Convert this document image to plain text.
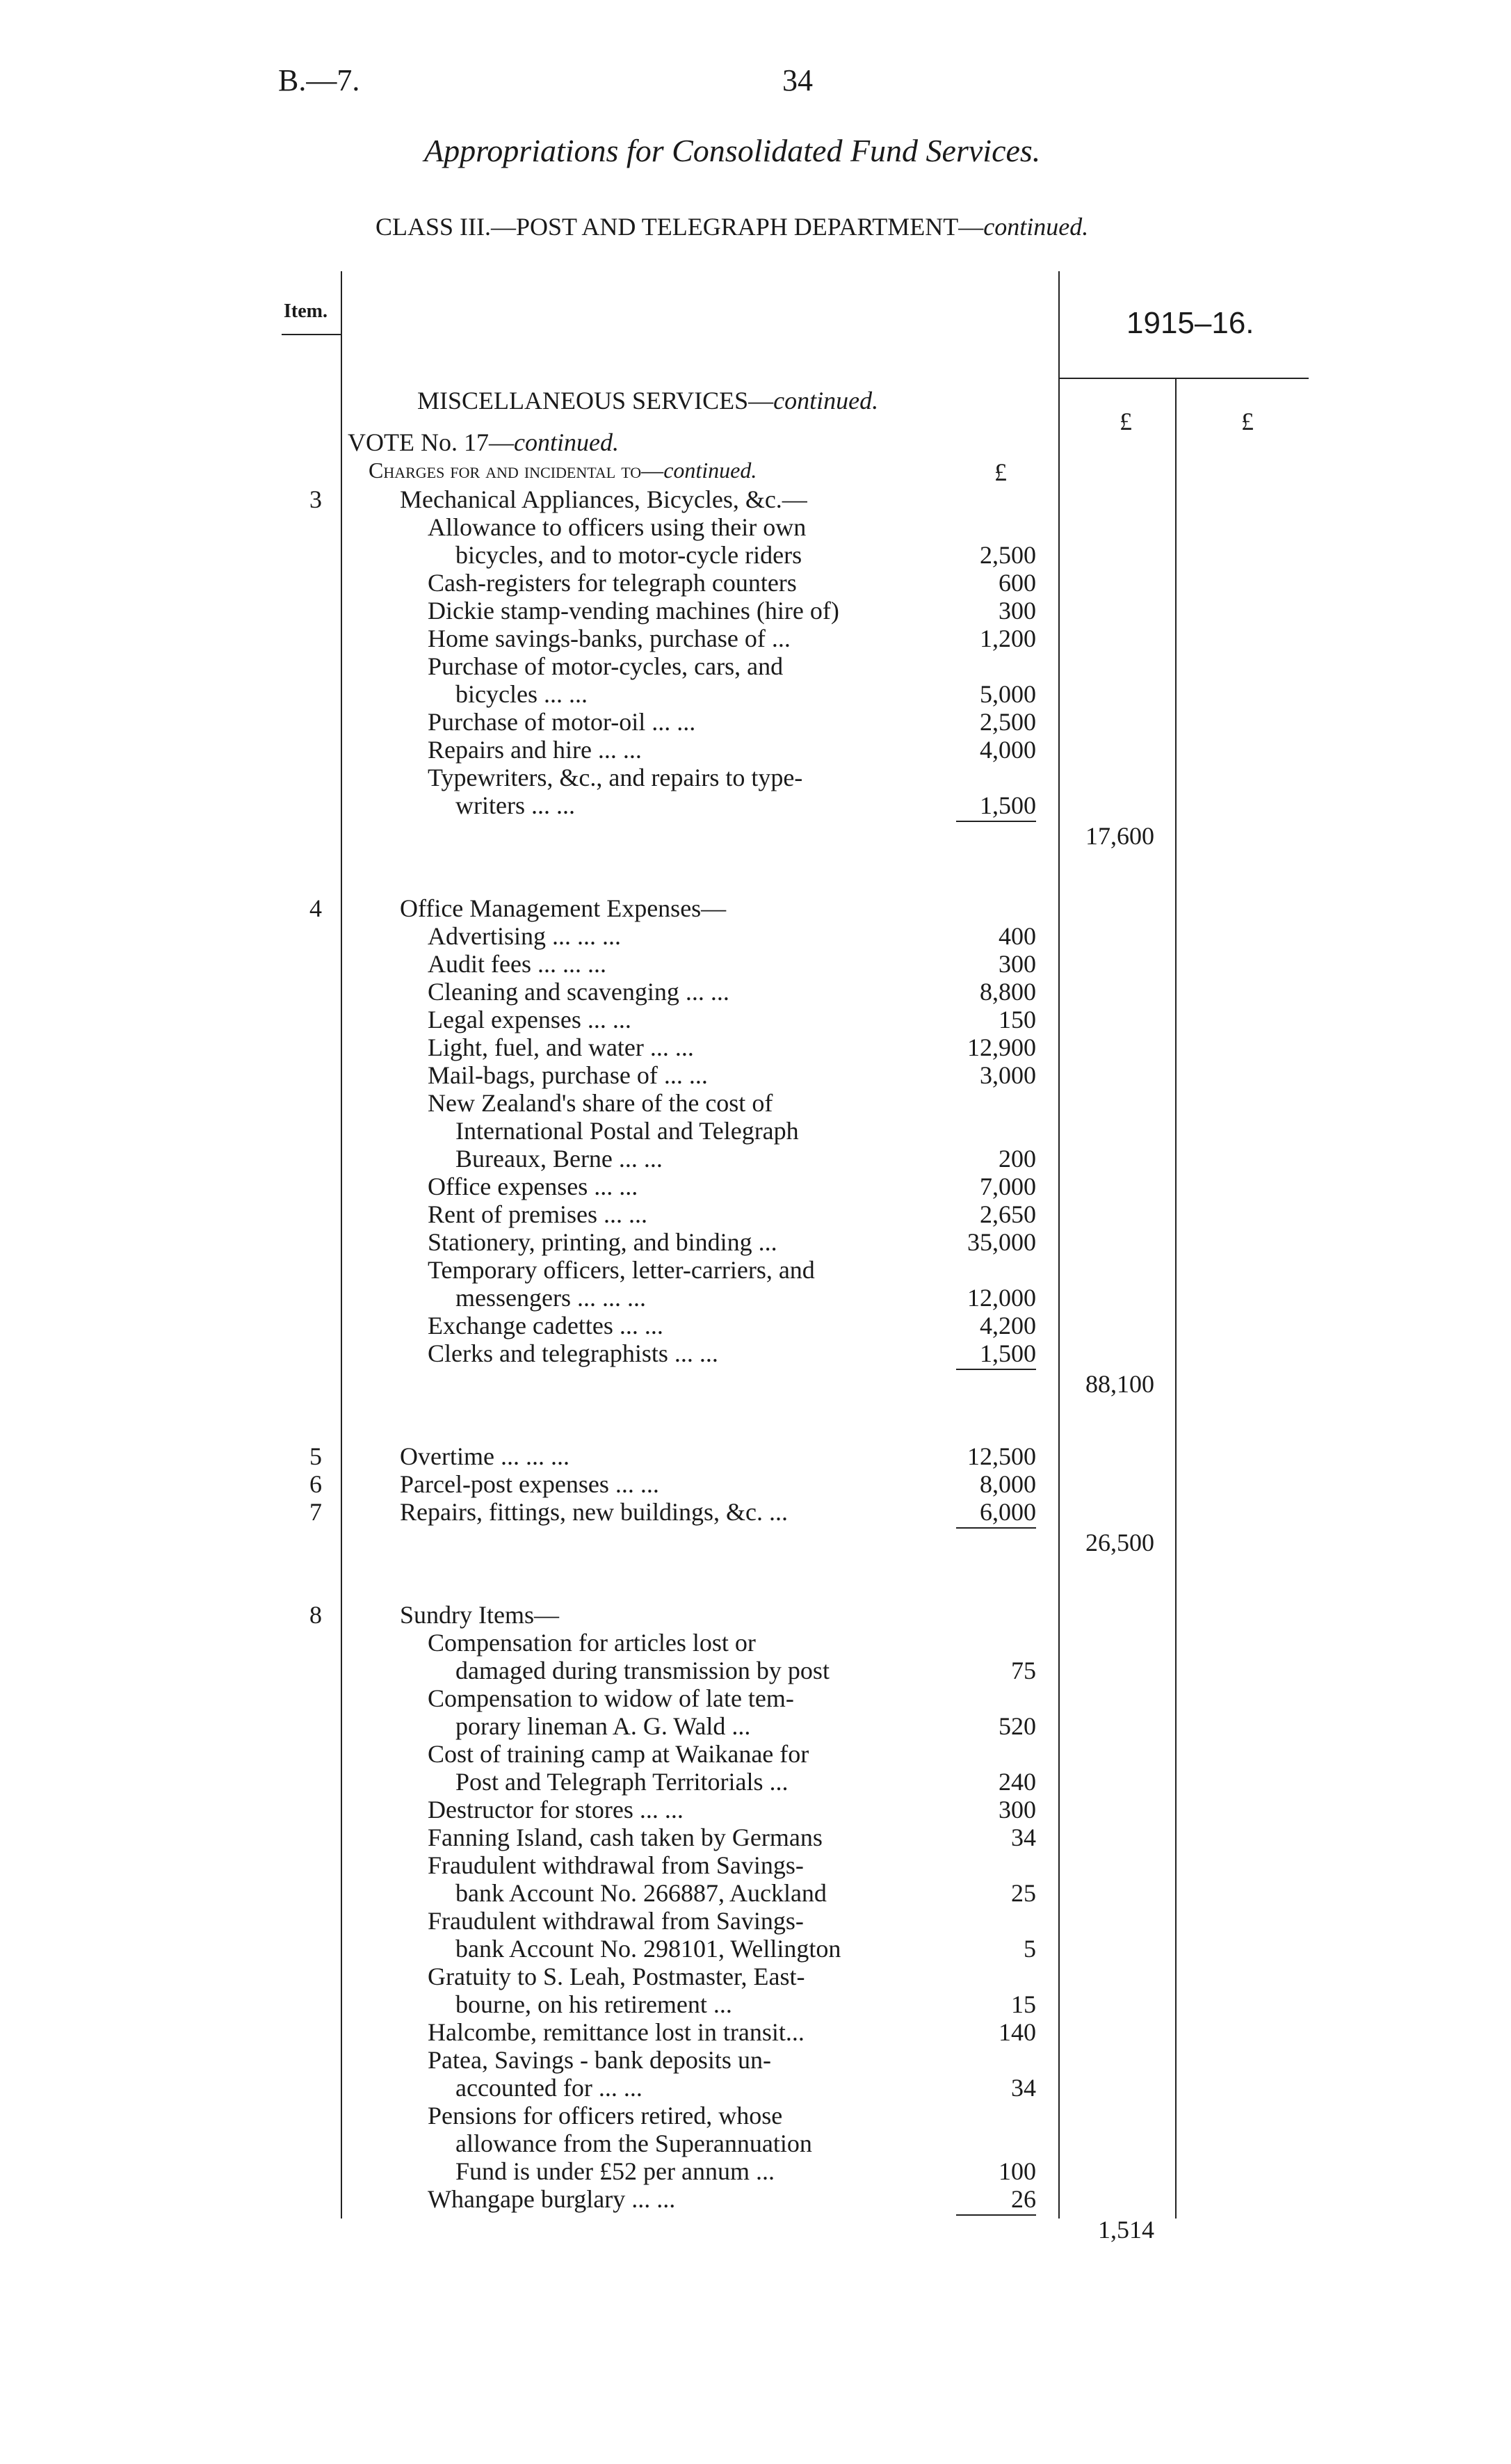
B.—7.	34
Appropriations for Consolidated Fund Services.
CLASS III.—POST AND TELEGRAPH DEPARTMENT—continued.
Item.	1915–16.
MISCELLANEOUS SERVICES—continued.
£	£
VOTE No. 17—continued.
Charges for and incidental to—continued.	£
3	Mechanical Appliances, Bicycles, &c.—
Allowance to officers using their own
bicycles, and to motor-cycle riders	2,500
Cash-registers for telegraph counters	600
Dickie stamp-vending machines (hire of)	300
Home savings-banks, purchase of ...	1,200
Purchase of motor-cycles, cars, and
bicycles ... ...	5,000
Purchase of motor-oil ... ...	2,500
Repairs and hire ... ...	4,000
Typewriters, &c., and repairs to type-
writers ... ...	1,500
17,600
4	Office Management Expenses—
Advertising ... ... ...	400
Audit fees ... ... ...	300
Cleaning and scavenging ... ...	8,800
Legal expenses ... ...	150
Light, fuel, and water ... ...	12,900
Mail-bags, purchase of ... ...	3,000
New Zealand's share of the cost of
International Postal and Telegraph
Bureaux, Berne ... ...	200
Office expenses ... ...	7,000
Rent of premises ... ...	2,650
Stationery, printing, and binding ...	35,000
Temporary officers, letter-carriers, and
messengers ... ... ...	12,000
Exchange cadettes ... ...	4,200
Clerks and telegraphists ... ...	1,500
88,100
5	Overtime ... ... ...	12,500
6	Parcel-post expenses ... ...	8,000
7	Repairs, fittings, new buildings, &c. ...	6,000
26,500
8	Sundry Items—
Compensation for articles lost or
damaged during transmission by post	75
Compensation to widow of late tem-
porary lineman A. G. Wald ...	520
Cost of training camp at Waikanae for
Post and Telegraph Territorials ...	240
Destructor for stores ... ...	300
Fanning Island, cash taken by Germans	34
Fraudulent withdrawal from Savings-
bank Account No. 266887, Auckland	25
Fraudulent withdrawal from Savings-
bank Account No. 298101, Wellington	5
Gratuity to S. Leah, Postmaster, East-
bourne, on his retirement ...	15
Halcombe, remittance lost in transit...	140
Patea, Savings - bank deposits un-
accounted for ... ...	34
Pensions for officers retired, whose
allowance from the Superannuation
Fund is under £52 per annum ...	100
Whangape burglary ... ...	26
1,514
